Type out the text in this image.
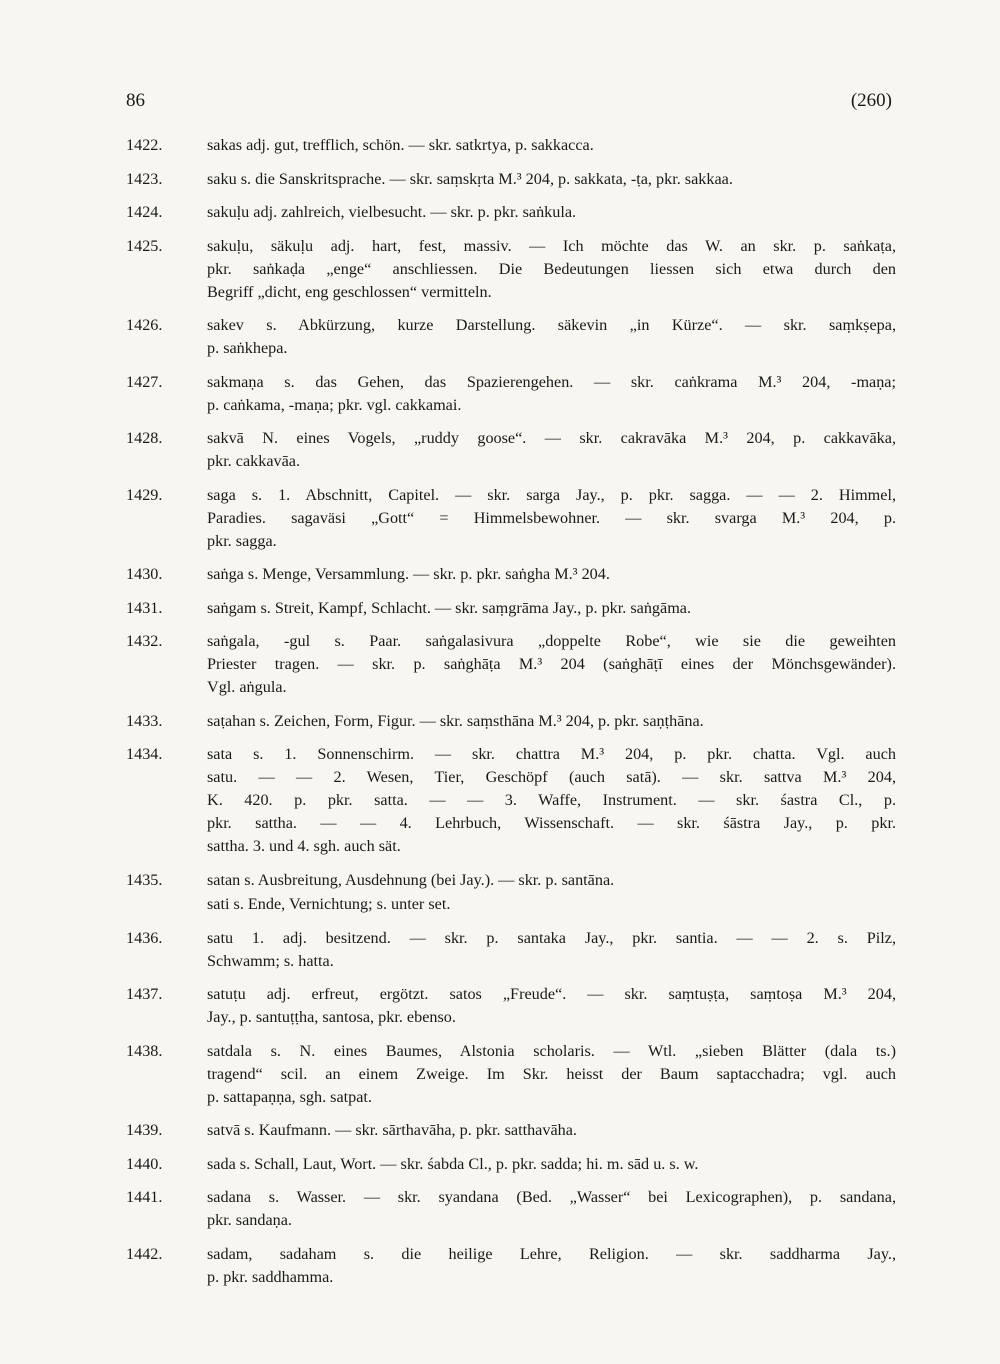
86	(260)
1422.	sakas adj. gut, trefflich, schön. — skr. satkrtya, p. sakkacca.
1423.	saku s. die Sanskritsprache. — skr. saṃskṛta M.³ 204, p. sakkata, -ṭa, pkr. sakkaa.
1424.	sakuḷu adj. zahlreich, vielbesucht. — skr. p. pkr. saṅkula.
1425.	sakuḷu, säkuḷu adj. hart, fest, massiv. — Ich möchte das W. an skr. p. saṅkaṭa,
pkr. saṅkaḍa „enge“ anschliessen. Die Bedeutungen liessen sich etwa durch den
Begriff „dicht, eng geschlossen“ vermitteln.
1426.	sakev s. Abkürzung, kurze Darstellung. säkevin „in Kürze“. — skr. saṃkṣepa,
p. saṅkhepa.
1427.	sakmaṇa s. das Gehen, das Spazierengehen. — skr. caṅkrama M.³ 204, -maṇa;
p. caṅkama, -maṇa; pkr. vgl. cakkamai.
1428.	sakvā N. eines Vogels, „ruddy goose“. — skr. cakravāka M.³ 204, p. cakkavāka,
pkr. cakkavāa.
1429.	saga s. 1. Abschnitt, Capitel. — skr. sarga Jay., p. pkr. sagga. — — 2. Himmel,
Paradies. sagaväsi „Gott“ = Himmelsbewohner. — skr. svarga M.³ 204, p.
pkr. sagga.
1430.	saṅga s. Menge, Versammlung. — skr. p. pkr. saṅgha M.³ 204.
1431.	saṅgam s. Streit, Kampf, Schlacht. — skr. saṃgrāma Jay., p. pkr. saṅgāma.
1432.	saṅgala, -gul s. Paar. saṅgalasivura „doppelte Robe“, wie sie die geweihten
Priester tragen. — skr. p. saṅghāṭa M.³ 204 (saṅghāṭī eines der Mönchsgewänder).
Vgl. aṅgula.
1433.	saṭahan s. Zeichen, Form, Figur. — skr. saṃsthāna M.³ 204, p. pkr. saṇṭhāna.
1434.	sata s. 1. Sonnenschirm. — skr. chattra M.³ 204, p. pkr. chatta. Vgl. auch
satu. — — 2. Wesen, Tier, Geschöpf (auch satā). — skr. sattva M.³ 204,
K. 420. p. pkr. satta. — — 3. Waffe, Instrument. — skr. śastra Cl., p.
pkr. sattha. — — 4. Lehrbuch, Wissenschaft. — skr. śāstra Jay., p. pkr.
sattha. 3. und 4. sgh. auch sät.
1435.	satan s. Ausbreitung, Ausdehnung (bei Jay.). — skr. p. santāna.
sati s. Ende, Vernichtung; s. unter set.
1436.	satu 1. adj. besitzend. — skr. p. santaka Jay., pkr. santia. — — 2. s. Pilz,
Schwamm; s. hatta.
1437.	satuṭu adj. erfreut, ergötzt. satos „Freude“. — skr. saṃtuṣṭa, saṃtoṣa M.³ 204,
Jay., p. santuṭṭha, santosa, pkr. ebenso.
1438.	satdala s. N. eines Baumes, Alstonia scholaris. — Wtl. „sieben Blätter (dala ts.)
tragend“ scil. an einem Zweige. Im Skr. heisst der Baum saptacchadra; vgl. auch
p. sattapaṇṇa, sgh. satpat.
1439.	satvā s. Kaufmann. — skr. sārthavāha, p. pkr. satthavāha.
1440.	sada s. Schall, Laut, Wort. — skr. śabda Cl., p. pkr. sadda; hi. m. sād u. s. w.
1441.	sadana s. Wasser. — skr. syandana (Bed. „Wasser“ bei Lexicographen), p. sandana,
pkr. sandaṇa.
1442.	sadam, sadaham s. die heilige Lehre, Religion. — skr. saddharma Jay.,
p. pkr. saddhamma.
